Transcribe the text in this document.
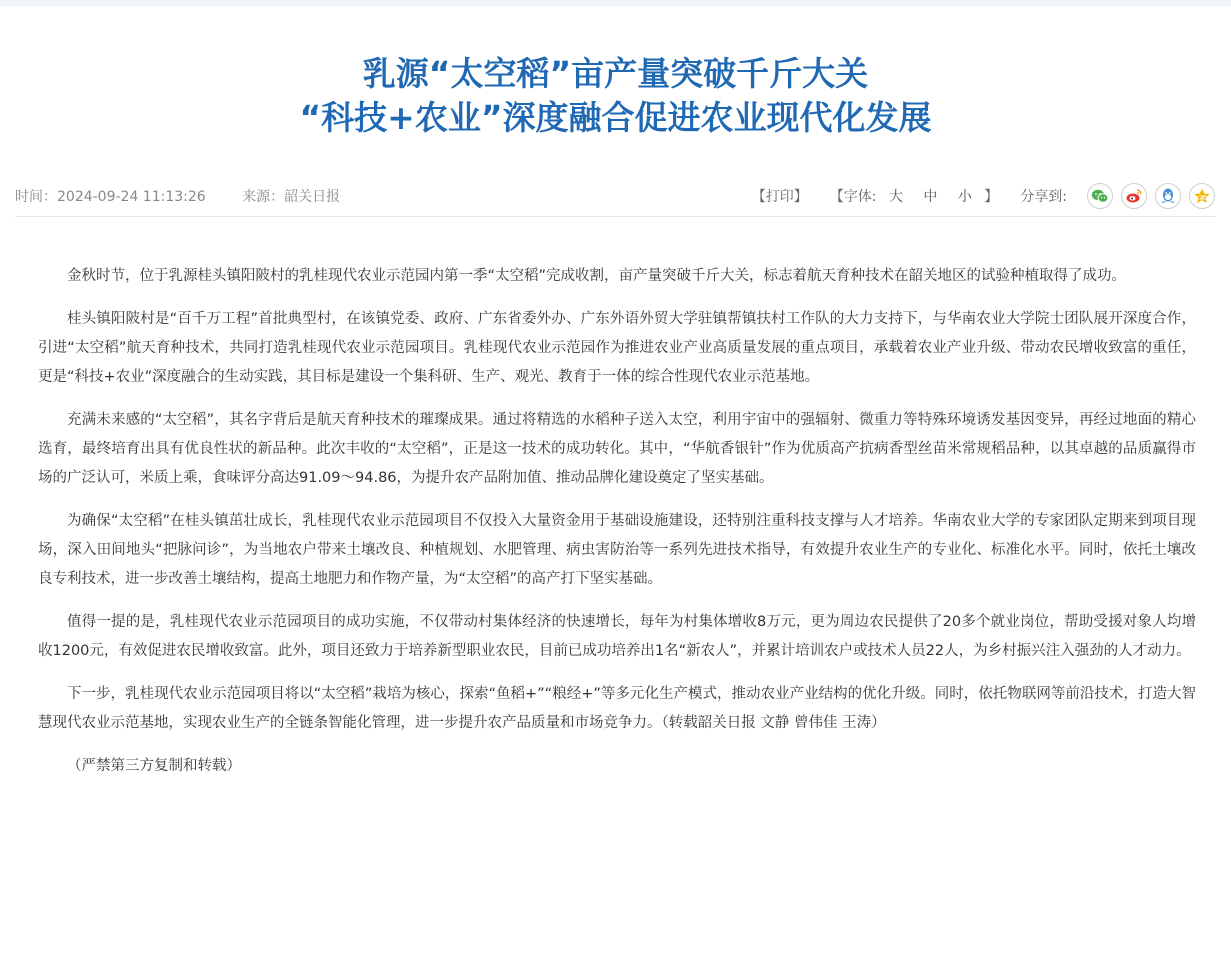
乳源“太空稻”亩产量突破千斤大关
“科技+农业”深度融合促进农业现代化发展
时间：2024-09-24 11:13:26	来源：韶关日报	【打印】 【字体: 大 中 小 】 分享到:

金秋时节，位于乳源桂头镇阳陂村的乳桂现代农业示范园内第一季“太空稻”完成收割，亩产量突破千斤大关，标志着航天育种技术在韶关地区的试验种植取得了成功。

桂头镇阳陂村是“百千万工程”首批典型村，在该镇党委、政府、广东省委外办、广东外语外贸大学驻镇帮镇扶村工作队的大力支持下，与华南农业大学院士团队展开深度合作，引进“太空稻”航天育种技术，共同打造乳桂现代农业示范园项目。乳桂现代农业示范园作为推进农业产业高质量发展的重点项目，承载着农业产业升级、带动农民增收致富的重任，更是“科技+农业”深度融合的生动实践，其目标是建设一个集科研、生产、观光、教育于一体的综合性现代农业示范基地。

充满未来感的“太空稻”，其名字背后是航天育种技术的璀璨成果。通过将精选的水稻种子送入太空，利用宇宙中的强辐射、微重力等特殊环境诱发基因变异，再经过地面的精心选育，最终培育出具有优良性状的新品种。此次丰收的“太空稻”，正是这一技术的成功转化。其中，“华航香银针”作为优质高产抗病香型丝苗米常规稻品种，以其卓越的品质赢得市场的广泛认可，米质上乘，食味评分高达91.09～94.86，为提升农产品附加值、推动品牌化建设奠定了坚实基础。

为确保“太空稻”在桂头镇茁壮成长，乳桂现代农业示范园项目不仅投入大量资金用于基础设施建设，还特别注重科技支撑与人才培养。华南农业大学的专家团队定期来到项目现场，深入田间地头“把脉问诊”，为当地农户带来土壤改良、种植规划、水肥管理、病虫害防治等一系列先进技术指导，有效提升农业生产的专业化、标准化水平。同时，依托土壤改良专利技术，进一步改善土壤结构，提高土地肥力和作物产量，为“太空稻”的高产打下坚实基础。

值得一提的是，乳桂现代农业示范园项目的成功实施，不仅带动村集体经济的快速增长，每年为村集体增收8万元，更为周边农民提供了20多个就业岗位，帮助受援对象人均增收1200元，有效促进农民增收致富。此外，项目还致力于培养新型职业农民，目前已成功培养出1名“新农人”，并累计培训农户或技术人员22人，为乡村振兴注入强劲的人才动力。

下一步，乳桂现代农业示范园项目将以“太空稻”栽培为核心，探索“鱼稻+”“粮经+”等多元化生产模式，推动农业产业结构的优化升级。同时，依托物联网等前沿技术，打造大智慧现代农业示范基地，实现农业生产的全链条智能化管理，进一步提升农产品质量和市场竞争力。（转载韶关日报 文静 曾伟佳 王涛）

（严禁第三方复制和转载）
